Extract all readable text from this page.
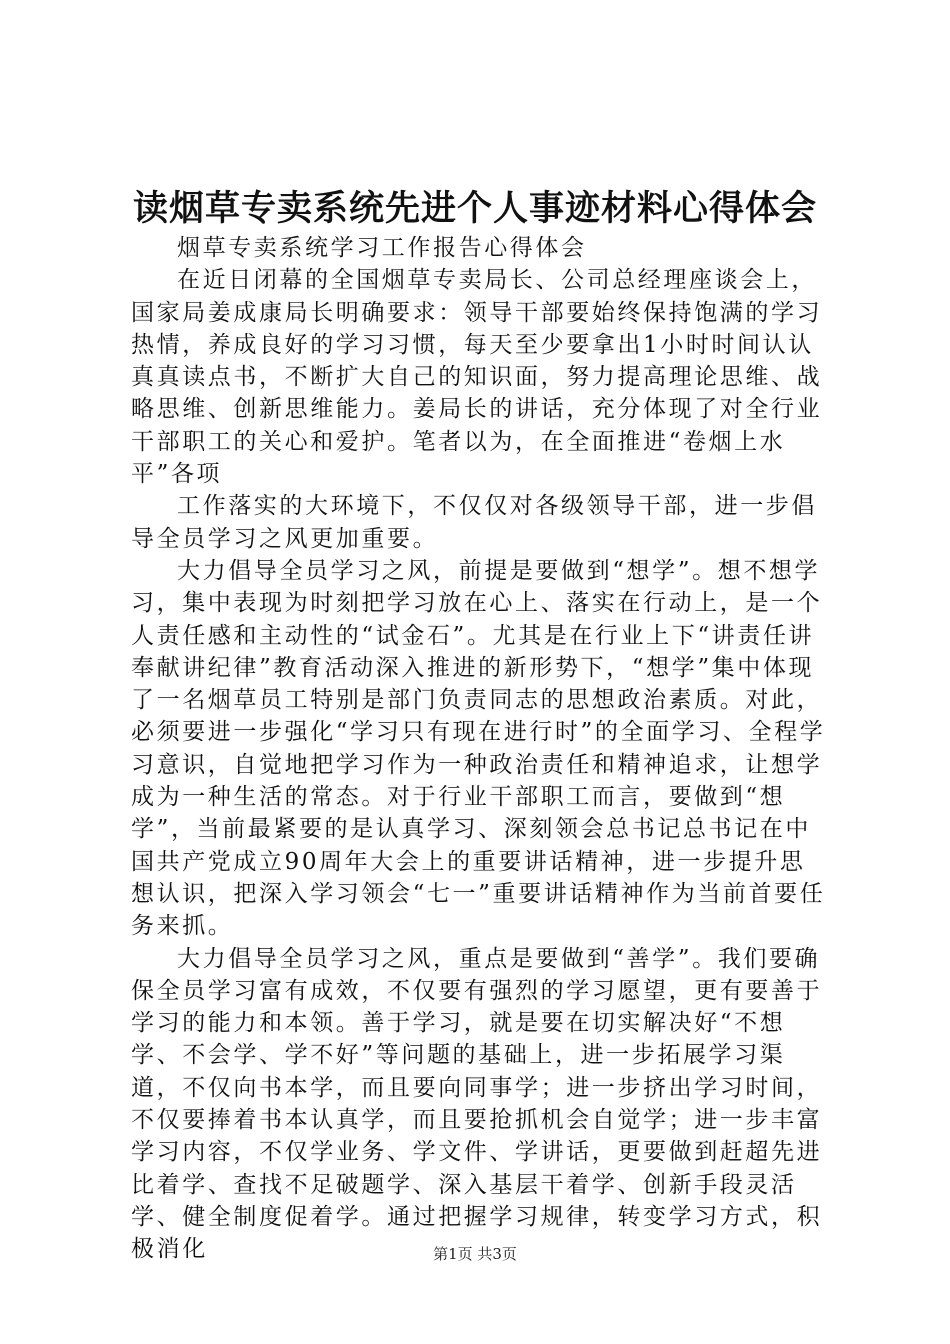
读烟草专卖系统先进个人事迹材料心得体会

烟草专卖系统学习工作报告心得体会

在近日闭幕的全国烟草专卖局长、公司总经理座谈会上，国家局姜成康局长明确要求：领导干部要始终保持饱满的学习热情，养成良好的学习习惯，每天至少要拿出1小时时间认认真真读点书，不断扩大自己的知识面，努力提高理论思维、战略思维、创新思维能力。姜局长的讲话，充分体现了对全行业干部职工的关心和爱护。笔者以为，在全面推进“卷烟上水平”各项

工作落实的大环境下，不仅仅对各级领导干部，进一步倡导全员学习之风更加重要。

大力倡导全员学习之风，前提是要做到“想学”。想不想学习，集中表现为时刻把学习放在心上、落实在行动上，是一个人责任感和主动性的“试金石”。尤其是在行业上下“讲责任讲奉献讲纪律”教育活动深入推进的新形势下，“想学”集中体现了一名烟草员工特别是部门负责同志的思想政治素质。对此，必须要进一步强化“学习只有现在进行时”的全面学习、全程学习意识，自觉地把学习作为一种政治责任和精神追求，让想学成为一种生活的常态。对于行业干部职工而言，要做到“想学”，当前最紧要的是认真学习、深刻领会总书记总书记在中国共产党成立90周年大会上的重要讲话精神，进一步提升思想认识，把深入学习领会“七一”重要讲话精神作为当前首要任务来抓。

大力倡导全员学习之风，重点是要做到“善学”。我们要确保全员学习富有成效，不仅要有强烈的学习愿望，更有要善于学习的能力和本领。善于学习，就是要在切实解决好“不想学、不会学、学不好”等问题的基础上，进一步拓展学习渠道，不仅向书本学，而且要向同事学；进一步挤出学习时间，不仅要捧着书本认真学，而且要抢抓机会自觉学；进一步丰富学习内容，不仅学业务、学文件、学讲话，更要做到赶超先进比着学、查找不足破题学、深入基层干着学、创新手段灵活学、健全制度促着学。通过把握学习规律，转变学习方式，积极消化	第1页 共3页
